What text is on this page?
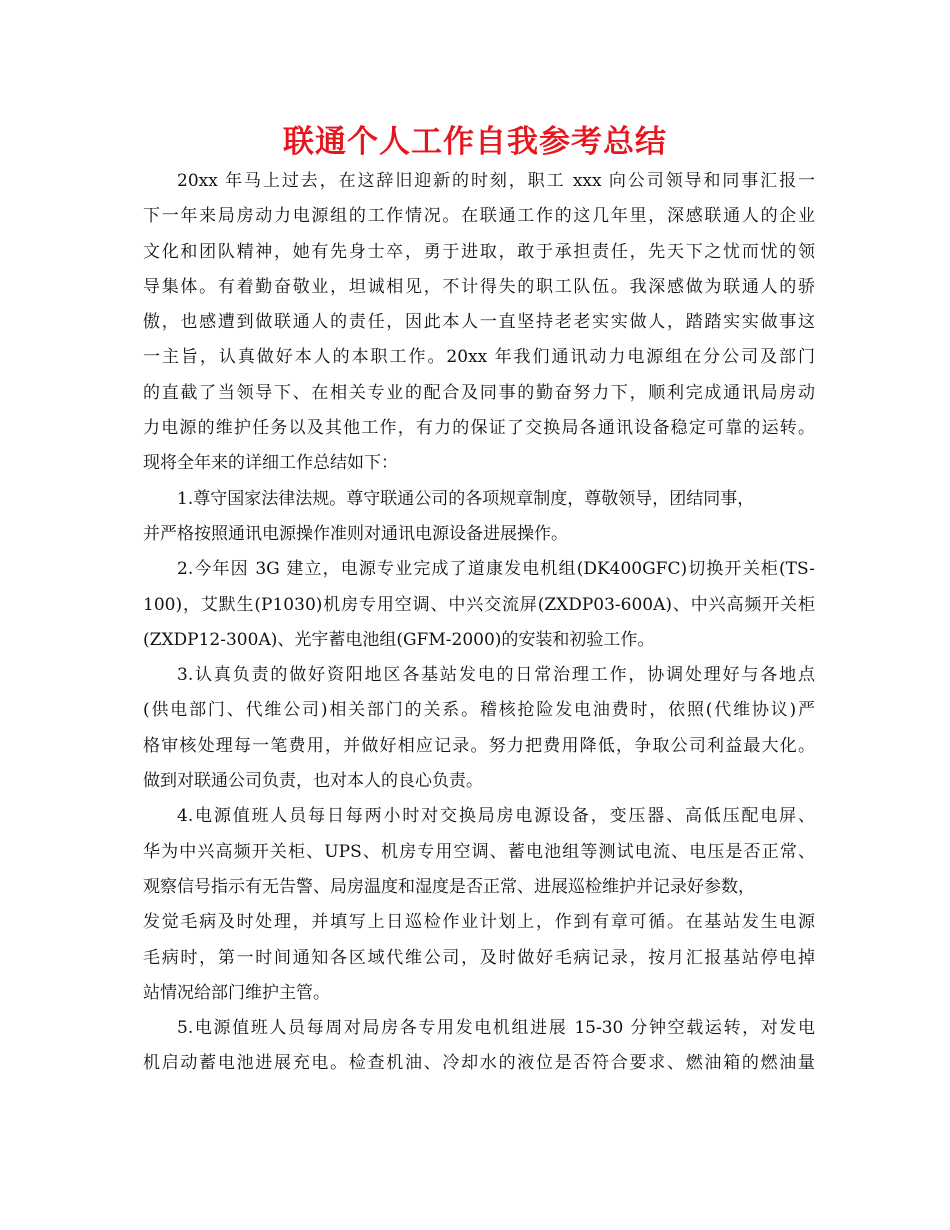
联通个人工作自我参考总结
20xx 年马上过去，在这辞旧迎新的时刻，职工 xxx 向公司领导和同事汇报一
下一年来局房动力电源组的工作情况。在联通工作的这几年里，深感联通人的企业
文化和团队精神，她有先身士卒，勇于进取，敢于承担责任，先天下之忧而忧的领
导集体。有着勤奋敬业，坦诚相见，不计得失的职工队伍。我深感做为联通人的骄
傲，也感遭到做联通人的责任，因此本人一直坚持老老实实做人，踏踏实实做事这
一主旨，认真做好本人的本职工作。20xx 年我们通讯动力电源组在分公司及部门
的直截了当领导下、在相关专业的配合及同事的勤奋努力下，顺利完成通讯局房动
力电源的维护任务以及其他工作，有力的保证了交换局各通讯设备稳定可靠的运转。
现将全年来的详细工作总结如下：
1.尊守国家法律法规。尊守联通公司的各项规章制度，尊敬领导，团结同事，
并严格按照通讯电源操作准则对通讯电源设备进展操作。
2.今年因 3G 建立，电源专业完成了道康发电机组(DK400GFC)切换开关柜(TS-
100)，艾默生(P1030)机房专用空调、中兴交流屏(ZXDP03-600A)、中兴高频开关柜
(ZXDP12-300A)、光宇蓄电池组(GFM-2000)的安装和初验工作。
3.认真负责的做好资阳地区各基站发电的日常治理工作，协调处理好与各地点
(供电部门、代维公司)相关部门的关系。稽核抢险发电油费时，依照(代维协议)严
格审核处理每一笔费用，并做好相应记录。努力把费用降低，争取公司利益最大化。
做到对联通公司负责，也对本人的良心负责。
4.电源值班人员每日每两小时对交换局房电源设备，变压器、高低压配电屏、
华为中兴高频开关柜、UPS、机房专用空调、蓄电池组等测试电流、电压是否正常、
观察信号指示有无告警、局房温度和湿度是否正常、进展巡检维护并记录好参数，
发觉毛病及时处理，并填写上日巡检作业计划上，作到有章可循。在基站发生电源
毛病时，第一时间通知各区域代维公司，及时做好毛病记录，按月汇报基站停电掉
站情况给部门维护主管。
5.电源值班人员每周对局房各专用发电机组进展 15-30 分钟空载运转，对发电
机启动蓄电池进展充电。检查机油、冷却水的液位是否符合要求、燃油箱的燃油量
